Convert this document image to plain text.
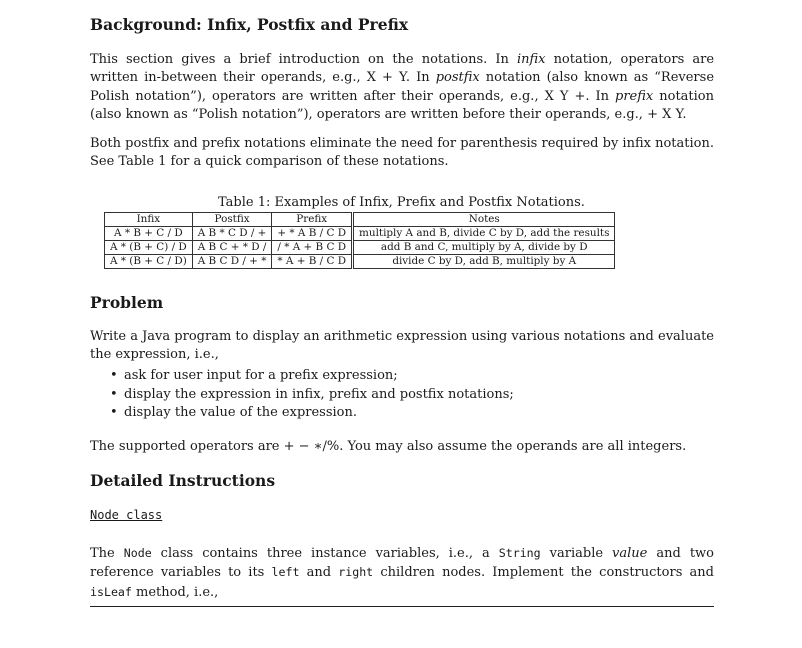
Background: Infix, Postfix and Prefix

This section gives a brief introduction on the notations. In infix notation, operators are written in-between their operands, e.g., X + Y. In postfix notation (also known as “Reverse Polish notation”), operators are written after their operands, e.g., X Y +. In prefix notation (also known as “Polish notation”), operators are written before their operands, e.g., + X Y.

Both postfix and prefix notations eliminate the need for parenthesis required by infix notation. See Table 1 for a quick comparison of these notations.

Table 1: Examples of Infix, Prefix and Postfix Notations.
Infix	Postfix	Prefix	Notes
A * B + C / D	A B * C D / +	+ * A B / C D	multiply A and B, divide C by D, add the results
A * (B + C) / D	A B C + * D /	/ * A + B C D	add B and C, multiply by A, divide by D
A * (B + C / D)	A B C D / + *	* A + B / C D	divide C by D, add B, multiply by A
Problem

Write a Java program to display an arithmetic expression using various notations and evaluate the expression, i.e.,

• ask for user input for a prefix expression;
• display the expression in infix, prefix and postfix notations;
• display the value of the expression.

The supported operators are + − ∗/%. You may also assume the operands are all integers.

Detailed Instructions
Node class

The Node class contains three instance variables, i.e., a String variable value and two reference variables to its left and right children nodes. Implement the constructors and isLeaf method, i.e.,
